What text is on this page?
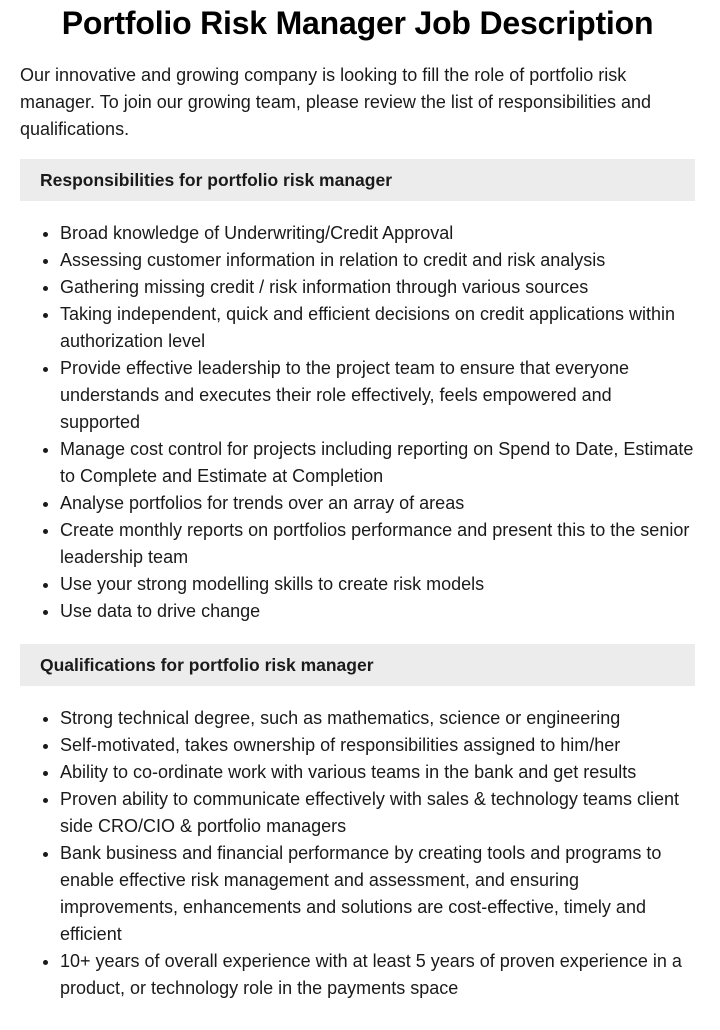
Portfolio Risk Manager Job Description

Our innovative and growing company is looking to fill the role of portfolio risk manager. To join our growing team, please review the list of responsibilities and qualifications.

Responsibilities for portfolio risk manager
• Broad knowledge of Underwriting/Credit Approval
• Assessing customer information in relation to credit and risk analysis
• Gathering missing credit / risk information through various sources
• Taking independent, quick and efficient decisions on credit applications within authorization level
• Provide effective leadership to the project team to ensure that everyone understands and executes their role effectively, feels empowered and supported
• Manage cost control for projects including reporting on Spend to Date, Estimate to Complete and Estimate at Completion
• Analyse portfolios for trends over an array of areas
• Create monthly reports on portfolios performance and present this to the senior leadership team
• Use your strong modelling skills to create risk models
• Use data to drive change
Qualifications for portfolio risk manager
• Strong technical degree, such as mathematics, science or engineering
• Self-motivated, takes ownership of responsibilities assigned to him/her
• Ability to co-ordinate work with various teams in the bank and get results
• Proven ability to communicate effectively with sales & technology teams client side CRO/CIO & portfolio managers
• Bank business and financial performance by creating tools and programs to enable effective risk management and assessment, and ensuring improvements, enhancements and solutions are cost-effective, timely and efficient
• 10+ years of overall experience with at least 5 years of proven experience in a product, or technology role in the payments space
